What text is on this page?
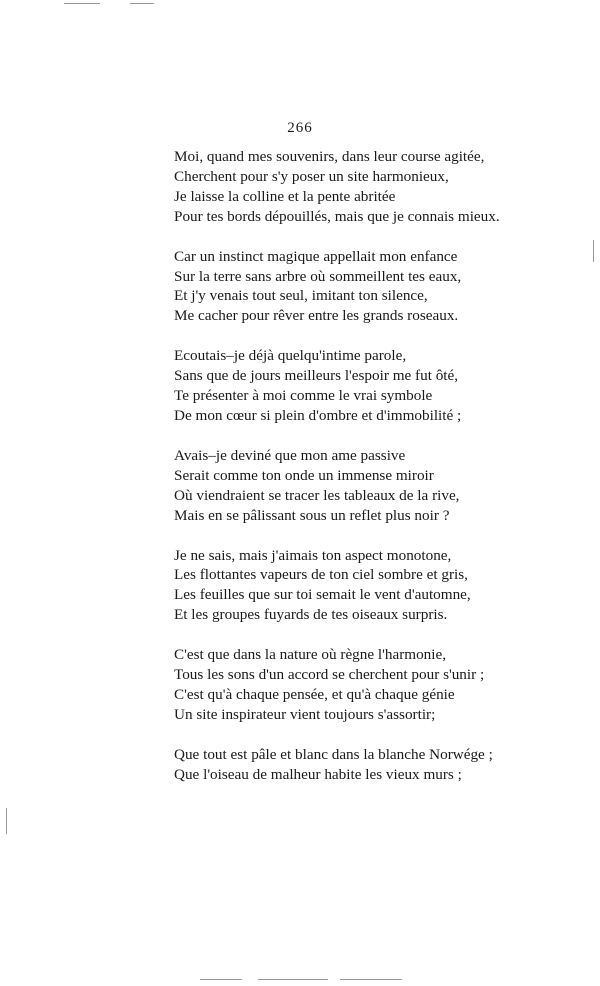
266
Moi, quand mes souvenirs, dans leur course agitée,
Cherchent pour s'y poser un site harmonieux,
Je laisse la colline et la pente abritée
Pour tes bords dépouillés, mais que je connais mieux.
Car un instinct magique appellait mon enfance
Sur la terre sans arbre où sommeillent tes eaux,
Et j'y venais tout seul, imitant ton silence,
Me cacher pour rêver entre les grands roseaux.
Ecoutais–je déjà quelqu'intime parole,
Sans que de jours meilleurs l'espoir me fut ôté,
Te présenter à moi comme le vrai symbole
De mon cœur si plein d'ombre et d'immobilité ;
Avais–je deviné que mon ame passive
Serait comme ton onde un immense miroir
Où viendraient se tracer les tableaux de la rive,
Mais en se pâlissant sous un reflet plus noir ?
Je ne sais, mais j'aimais ton aspect monotone,
Les flottantes vapeurs de ton ciel sombre et gris,
Les feuilles que sur toi semait le vent d'automne,
Et les groupes fuyards de tes oiseaux surpris.
C'est que dans la nature où règne l'harmonie,
Tous les sons d'un accord se cherchent pour s'unir ;
C'est qu'à chaque pensée, et qu'à chaque génie
Un site inspirateur vient toujours s'assortir;
Que tout est pâle et blanc dans la blanche Norwége ;
Que l'oiseau de malheur habite les vieux murs ;
